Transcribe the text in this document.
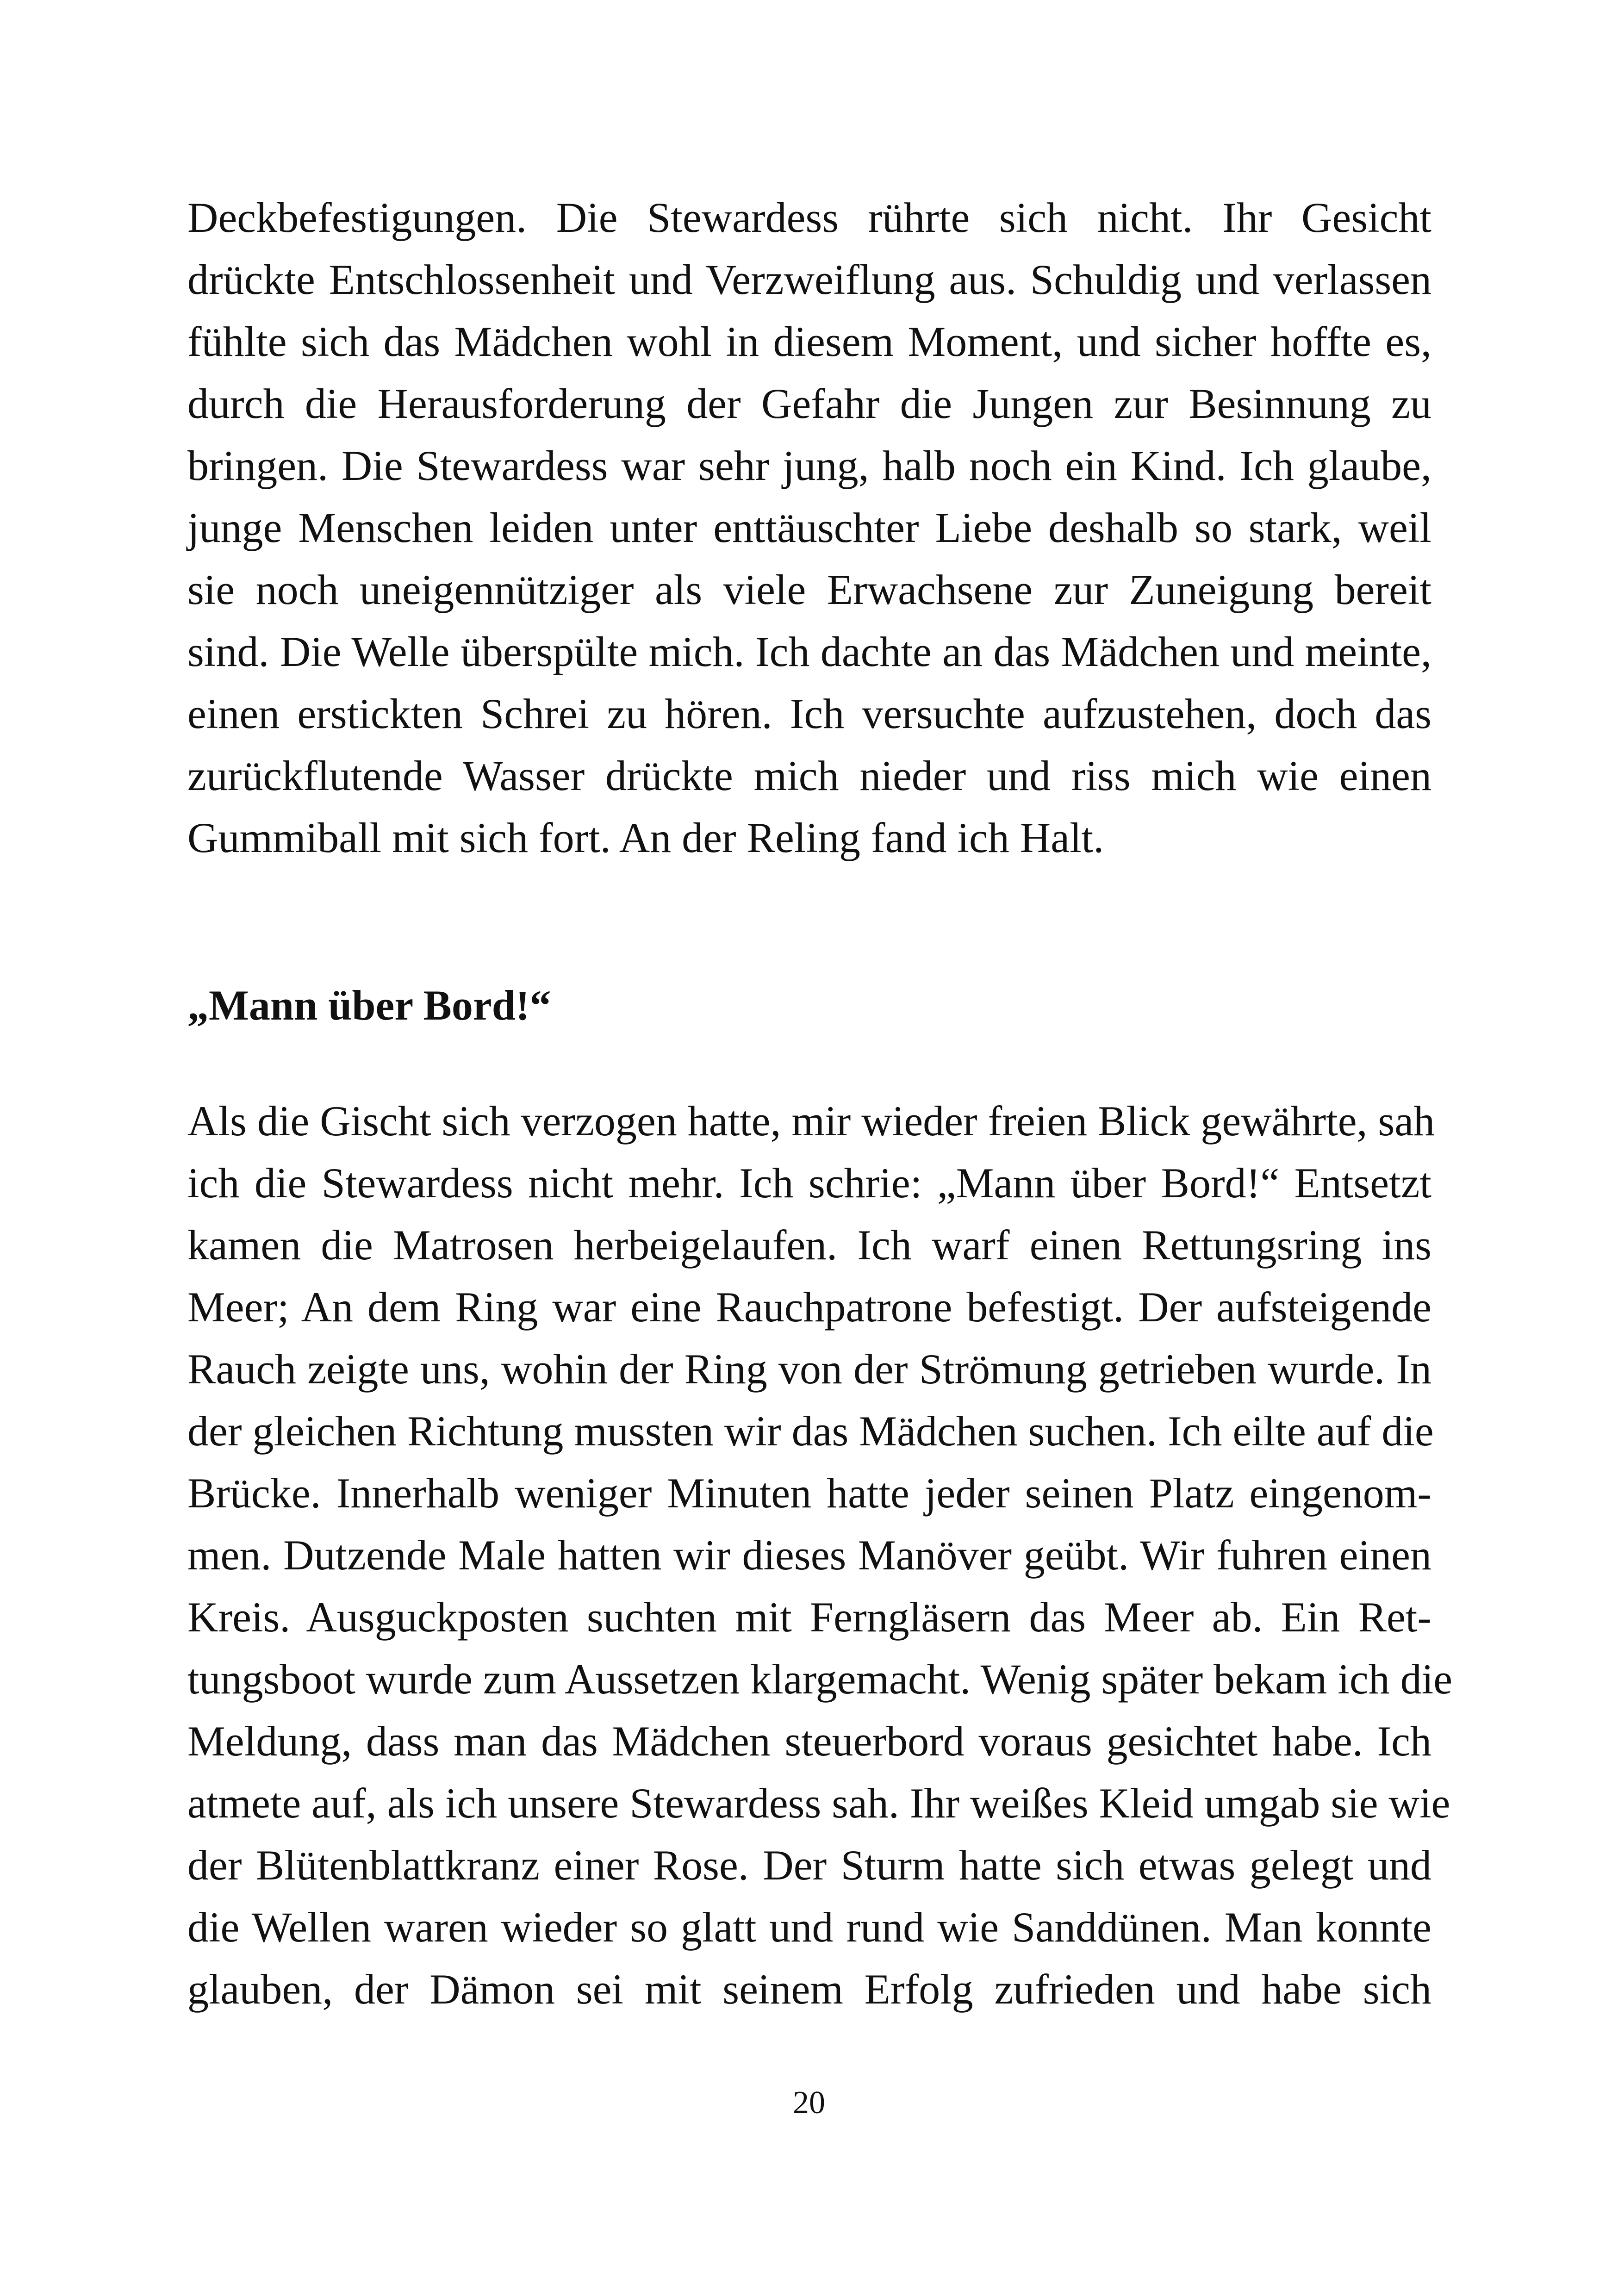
Deckbefestigungen. Die Stewardess rührte sich nicht. Ihr Gesicht
drückte Entschlossenheit und Verzweiflung aus. Schuldig und verlassen
fühlte sich das Mädchen wohl in diesem Moment, und sicher hoffte es,
durch die Herausforderung der Gefahr die Jungen zur Besinnung zu
bringen. Die Stewardess war sehr jung, halb noch ein Kind. Ich glaube,
junge Menschen leiden unter enttäuschter Liebe deshalb so stark, weil
sie noch uneigennütziger als viele Erwachsene zur Zuneigung bereit
sind. Die Welle überspülte mich. Ich dachte an das Mädchen und meinte,
einen erstickten Schrei zu hören. Ich versuchte aufzustehen, doch das
zurückflutende Wasser drückte mich nieder und riss mich wie einen
Gummiball mit sich fort. An der Reling fand ich Halt.
„Mann über Bord!“
Als die Gischt sich verzogen hatte, mir wieder freien Blick gewährte, sah
ich die Stewardess nicht mehr. Ich schrie: „Mann über Bord!“ Entsetzt
kamen die Matrosen herbeigelaufen. Ich warf einen Rettungsring ins
Meer; An dem Ring war eine Rauchpatrone befestigt. Der aufsteigende
Rauch zeigte uns, wohin der Ring von der Strömung getrieben wurde. In
der gleichen Richtung mussten wir das Mädchen suchen. Ich eilte auf die
Brücke. Innerhalb weniger Minuten hatte jeder seinen Platz eingenom-
men. Dutzende Male hatten wir dieses Manöver geübt. Wir fuhren einen
Kreis. Ausguckposten suchten mit Ferngläsern das Meer ab. Ein Ret-
tungsboot wurde zum Aussetzen klargemacht. Wenig später bekam ich die
Meldung, dass man das Mädchen steuerbord voraus gesichtet habe. Ich
atmete auf, als ich unsere Stewardess sah. Ihr weißes Kleid umgab sie wie
der Blütenblattkranz einer Rose. Der Sturm hatte sich etwas gelegt und
die Wellen waren wieder so glatt und rund wie Sanddünen. Man konnte
glauben, der Dämon sei mit seinem Erfolg zufrieden und habe sich
20
